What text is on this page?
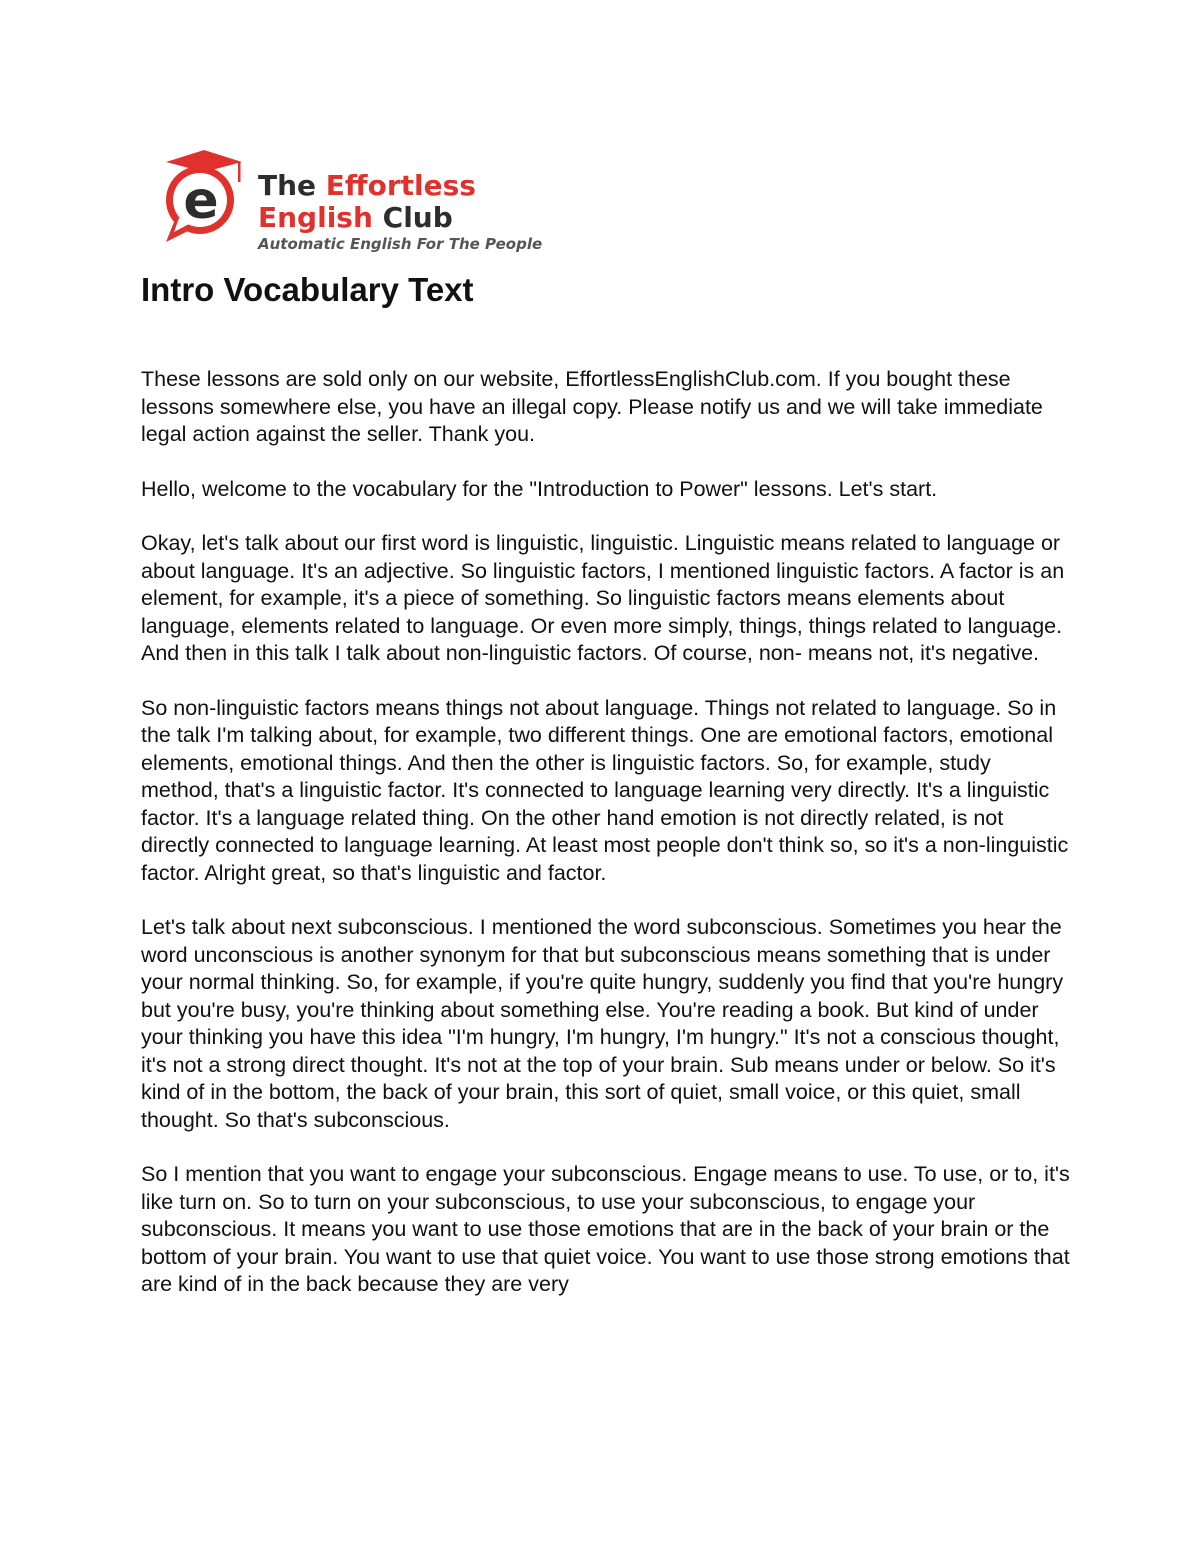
e The Effortless
English Club
Automatic English For The People
Intro Vocabulary Text

These lessons are sold only on our website, EffortlessEnglishClub.com. If you bought these lessons somewhere else, you have an illegal copy. Please notify us and we will take immediate legal action against the seller. Thank you.

Hello, welcome to the vocabulary for the "Introduction to Power" lessons. Let's start.

Okay, let's talk about our first word is linguistic, linguistic. Linguistic means related to language or about language. It's an adjective. So linguistic factors, I mentioned linguistic factors. A factor is an element, for example, it's a piece of something. So linguistic factors means elements about language, elements related to language. Or even more simply, things, things related to language. And then in this talk I talk about non-linguistic factors. Of course, non- means not, it's negative.

So non-linguistic factors means things not about language. Things not related to language. So in the talk I'm talking about, for example, two different things. One are emotional factors, emotional elements, emotional things. And then the other is linguistic factors. So, for example, study method, that's a linguistic factor. It's connected to language learning very directly. It's a linguistic factor. It's a language related thing. On the other hand emotion is not directly related, is not directly connected to language learning. At least most people don't think so, so it's a non-linguistic factor. Alright great, so that's linguistic and factor.

Let's talk about next subconscious. I mentioned the word subconscious. Sometimes you hear the word unconscious is another synonym for that but subconscious means something that is under your normal thinking. So, for example, if you're quite hungry, suddenly you find that you're hungry but you're busy, you're thinking about something else. You're reading a book. But kind of under your thinking you have this idea "I'm hungry, I'm hungry, I'm hungry." It's not a conscious thought, it's not a strong direct thought. It's not at the top of your brain. Sub means under or below. So it's kind of in the bottom, the back of your brain, this sort of quiet, small voice, or this quiet, small thought. So that's subconscious.

So I mention that you want to engage your subconscious. Engage means to use. To use, or to, it's like turn on. So to turn on your subconscious, to use your subconscious, to engage your subconscious. It means you want to use those emotions that are in the back of your brain or the bottom of your brain. You want to use that quiet voice. You want to use those strong emotions that are kind of in the back because they are very
